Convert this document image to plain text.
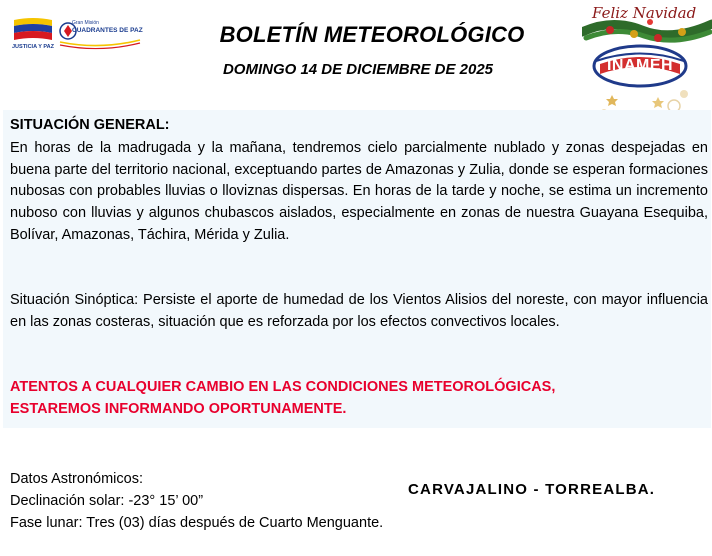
JUSTICIA Y PAZ
Gran Misión
CUADRANTES DE PAZ	BOLETÍN METEOROLÓGICO
DOMINGO 14 DE DICIEMBRE DE 2025
Feliz Navidad
INAMEH
SITUACIÓN GENERAL:

En horas de la madrugada y la mañana, tendremos cielo parcialmente nublado y zonas despejadas en buena parte del territorio nacional, exceptuando partes de Amazonas y Zulia, donde se esperan formaciones nubosas con probables lluvias o lloviznas dispersas. En horas de la tarde y noche, se estima un incremento nuboso con lluvias y algunos chubascos aislados, especialmente en zonas de nuestra Guayana Esequiba, Bolívar, Amazonas, Táchira, Mérida y Zulia.

Situación Sinóptica: Persiste el aporte de humedad de los Vientos Alisios del noreste, con mayor influencia en las zonas costeras, situación que es reforzada por los efectos convectivos locales.

ATENTOS A CUALQUIER CAMBIO EN LAS CONDICIONES METEOROLÓGICAS,
ESTAREMOS INFORMANDO OPORTUNAMENTE.
Datos Astronómicos:
Declinación solar: -23° 15’ 00”
Fase lunar: Tres (03) días después de Cuarto Menguante.
CARVAJALINO - TORREALBA.
